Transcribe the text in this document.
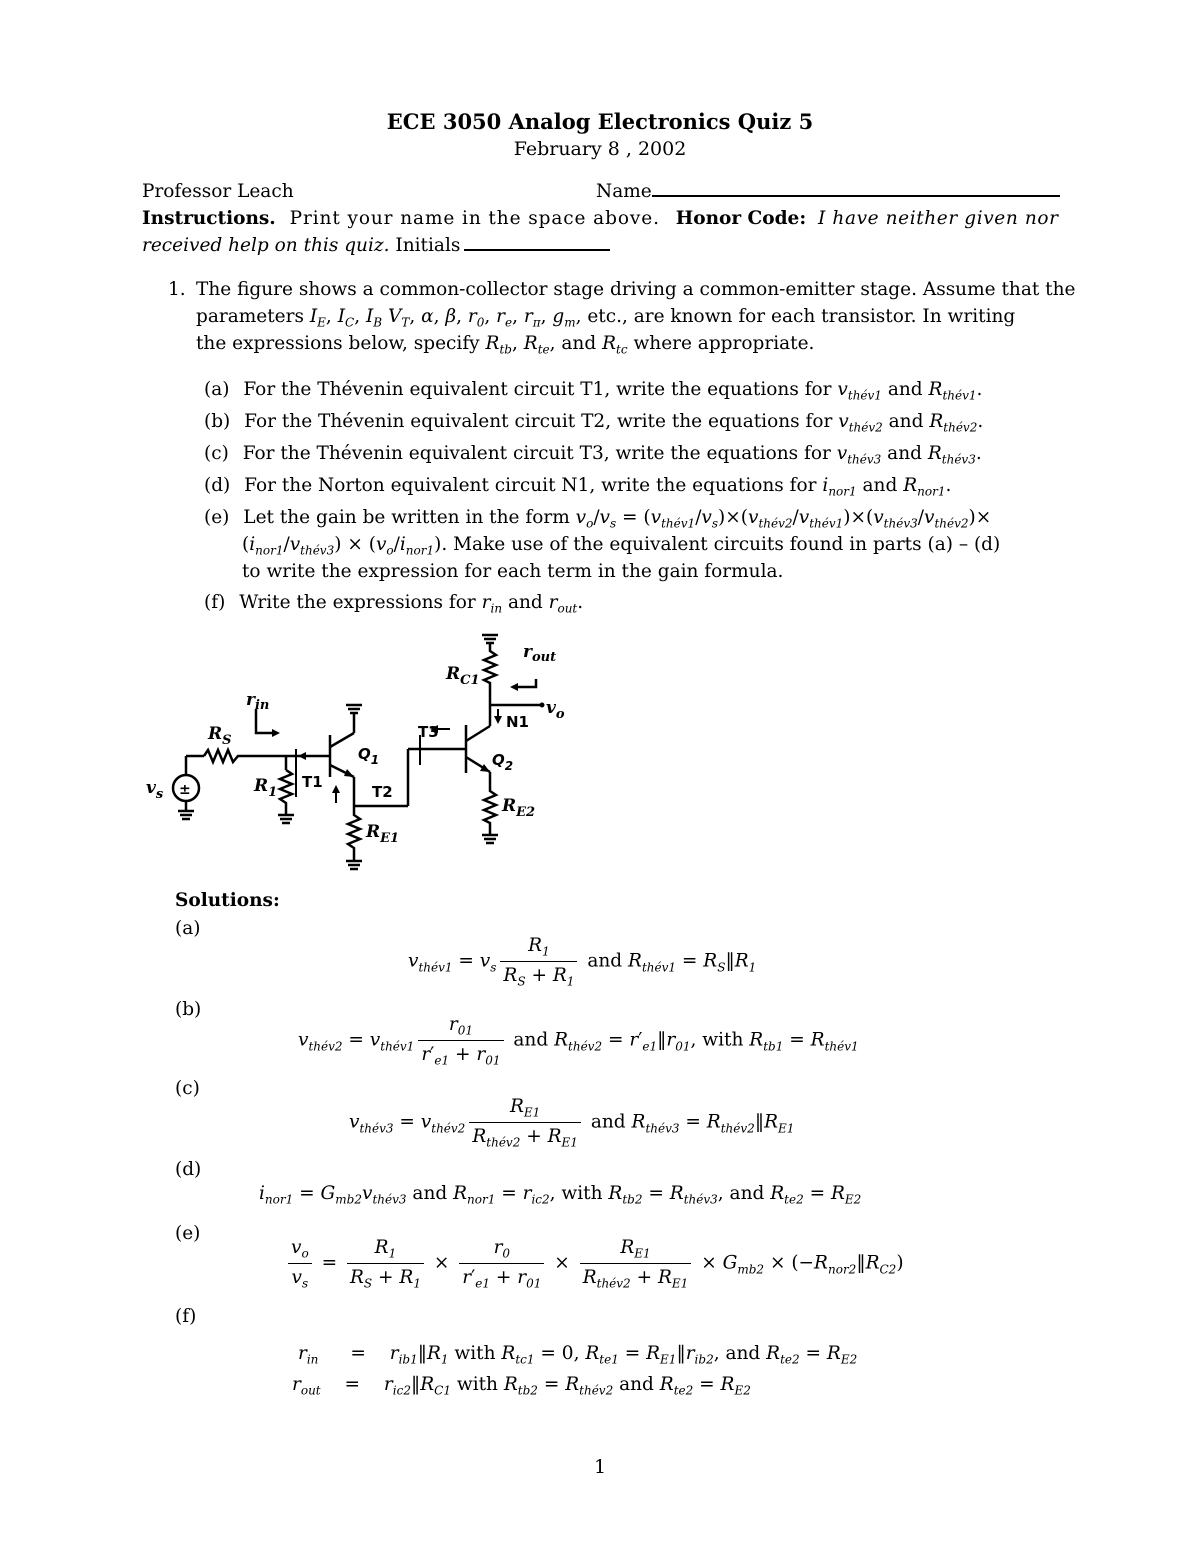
ECE 3050 Analog Electronics Quiz 5
February 8 , 2002
Professor Leach	Name
Instructions. Print your name in the space above. Honor Code: I have neither given nor
received help on this quiz. Initials
1. The figure shows a common-collector stage driving a common-emitter stage. Assume that the
parameters $I_E$, $I_C$, $I_B$ $V_T$, α, β, $r_0$, $r_e$, $r_\pi$, $g_m$, etc., are known for each transistor. In writing
the expressions below, specify $R_{tb}$, $R_{te}$, and $R_{tc}$ where appropriate.
(a) For the Thévenin equivalent circuit T1, write the equations for $v_{thév1}$ and $R_{thév1}$.
(b) For the Thévenin equivalent circuit T2, write the equations for $v_{thév2}$ and $R_{thév2}$.
(c) For the Thévenin equivalent circuit T3, write the equations for $v_{thév3}$ and $R_{thév3}$.
(d) For the Norton equivalent circuit N1, write the equations for $i_{nor1}$ and $R_{nor1}$.
(e) Let the gain be written in the form $v_o/v_s = (v_{thév1}/v_s)\times(v_{thév2}/v_{thév1})\times(v_{thév3}/v_{thév2})\times$
$(i_{nor1}/v_{thév3}) \times (v_o/i_{nor1})$. Make use of the equivalent circuits found in parts (a) – (d)
to write the expression for each term in the gain formula.
(f) Write the expressions for $r_{in}$ and $r_{out}$.
$r_{out}$
$R_{C1}$
$v_o$
N1
$r_{in}$
$R_S$	T3
$Q_1$	$Q_2$
$v_s$ ±	$R_1$
T1
T2
$R_{E2}$
$R_{E1}$
Solutions:
(a)
$v_{thév1} = v_s \frac{R_1}{R_S + R_1}$ and $R_{thév1}$ = $R_S‖R_1$
(b)
$v_{thév2} = v_{thév1} \frac{r_{01}}{r'_{e1} + r_{01}}$ and $R_{thév2}$ = $r'_{e1}‖r_{01}$, with $R_{tb1} = R_{thév1}$
(c)
$v_{thév3} = v_{thév2} \frac{R_{E1}}{R_{thév2} + R_{E1}}$ and $R_{thév3}$ = $R_{thév2}‖R_{E1}$
(d)
$i_{nor1} = G_{mb2}v_{thév3}$ and $R_{nor1} = r_{ic2}$, with $R_{tb2} = R_{thév3}$, and $R_{te2} = R_{E2}$
(e)
$\frac{v_o}{v_s} = \frac{R_1}{R_S + R_1} \times \frac{r_0}{r'_{e1} + r_{01}} \times \frac{R_{E1}}{R_{thév2} + R_{E1}} \times G_{mb2}$ × $(-R_{nor2}‖R_{C2})$
(f)
$r_{in}$ = $r_{ib1}‖R_1$ with $R_{tc1} = 0$, $R_{te1}$ = $R_{E1}‖r_{ib2}$, and $R_{te2} = R_{E2}$
$r_{out}$ = $r_{ic2}‖R_{C1}$ with $R_{tb2} = R_{thév2}$ and $R_{te2} = R_{E2}$
1
